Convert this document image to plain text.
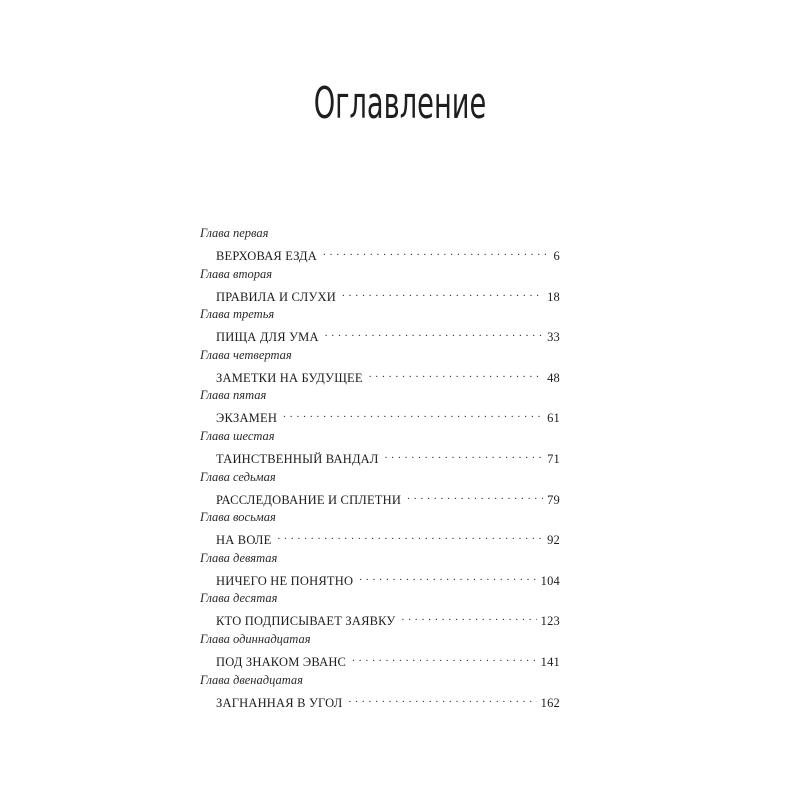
Оглавление
Глава первая
ВЕРХОВАЯ ЕЗДА . . .	6
Глава вторая
ПРАВИЛА И СЛУХИ . . .	18
Глава третья
ПИЩА ДЛЯ УМА . . .	33
Глава четвертая
ЗАМЕТКИ НА БУДУЩЕЕ . . .	48
Глава пятая
ЭКЗАМЕН . . .	61
Глава шестая
ТАИНСТВЕННЫЙ ВАНДАЛ . . .	71
Глава седьмая
РАССЛЕДОВАНИЕ И СПЛЕТНИ . . .	79
Глава восьмая
НА ВОЛЕ . . .	92
Глава девятая
НИЧЕГО НЕ ПОНЯТНО . . .	104
Глава десятая
КТО ПОДПИСЫВАЕТ ЗАЯВКУ . . .	123
Глава одиннадцатая
ПОД ЗНАКОМ ЭВАНС . . .	141
Глава двенадцатая
ЗАГНАННАЯ В УГОЛ . . .	162
